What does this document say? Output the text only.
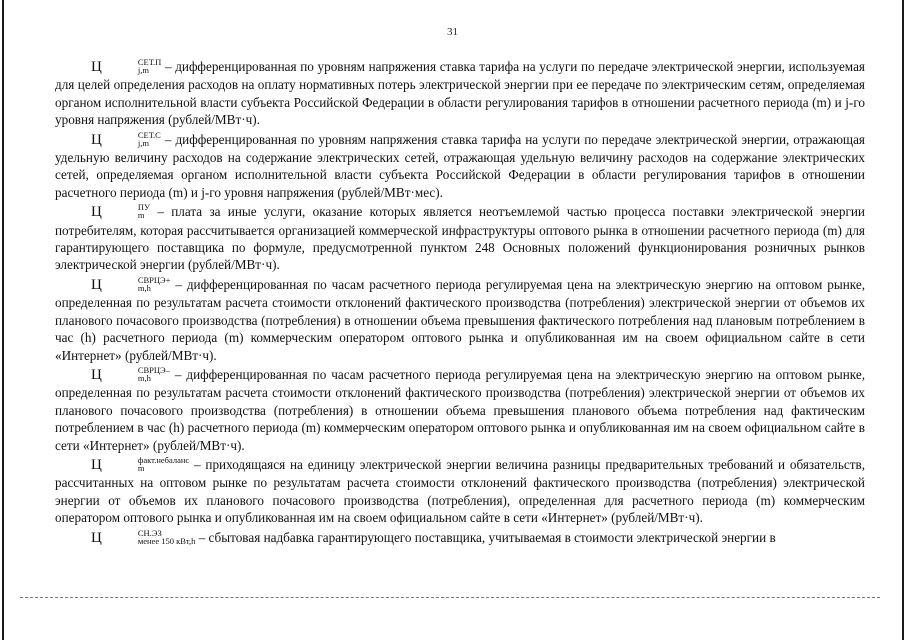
31

Ц	СЕТ.П
j,m – дифференцированная по уровням напряжения ставка тарифа на услуги по передаче электрической энергии, используемая для целей определения расходов на оплату нормативных потерь электрической энергии при ее передаче по электрическим сетям, определяемая органом исполнительной власти субъекта Российской Федерации в области регулирования тарифов в отношении расчетного периода (m) и j-го уровня напряжения (рублей/МВт·ч).

Ц	СЕТ.С
j,m – дифференцированная по уровням напряжения ставка тарифа на услуги по передаче электрической энергии, отражающая удельную величину расходов на содержание электрических сетей, отражающая удельную величину расходов на содержание электрических сетей, определяемая органом исполнительной власти субъекта Российской Федерации в области регулирования тарифов в отношении расчетного периода (m) и j-го уровня напряжения (рублей/МВт·мес).

Ц	ПУ
m – плата за иные услуги, оказание которых является неотъемлемой частью процесса поставки электрической энергии потребителям, которая рассчитывается организацией коммерческой инфраструктуры оптового рынка в отношении расчетного периода (m) для гарантирующего поставщика по формуле, предусмотренной пунктом 248 Основных положений функционирования розничных рынков электрической энергии (рублей/МВт·ч).

Ц	СВРЦЭ+
m,h	– дифференцированная по часам расчетного периода регулируемая цена на электрическую энергию на оптовом рынке, определенная по результатам расчета стоимости отклонений фактического производства (потребления) электрической энергии от объемов их планового почасового производства (потребления) в отношении объема превышения фактического потребления над плановым потреблением в час (h) расчетного периода (m) коммерческим оператором оптового рынка и опубликованная им на своем официальном сайте в сети «Интернет» (рублей/МВт·ч).

Ц	СВРЦЭ–
m,h	– дифференцированная по часам расчетного периода регулируемая цена на электрическую энергию на оптовом рынке, определенная по результатам расчета стоимости отклонений фактического производства (потребления) электрической энергии от объемов их планового почасового производства (потребления) в отношении объема превышения планового объема потребления над фактическим потреблением в час (h) расчетного периода (m) коммерческим оператором оптового рынка и опубликованная им на своем официальном сайте в сети «Интернет» (рублей/МВт·ч).

Ц	факт.небаланс
m	– приходящаяся на единицу электрической энергии величина разницы предварительных требований и обязательств, рассчитанных на оптовом рынке по результатам расчета стоимости отклонений фактического производства (потребления) электрической энергии от объемов их планового почасового производства (потребления), определенная для расчетного периода (m) коммерческим оператором оптового рынка и опубликованная им на своем официальном сайте в сети «Интернет» (рублей/МВт·ч).

Ц	СН.ЭЗ
менее 150 кВт,h – сбытовая надбавка гарантирующего поставщика, учитываемая в стоимости электрической энергии в
